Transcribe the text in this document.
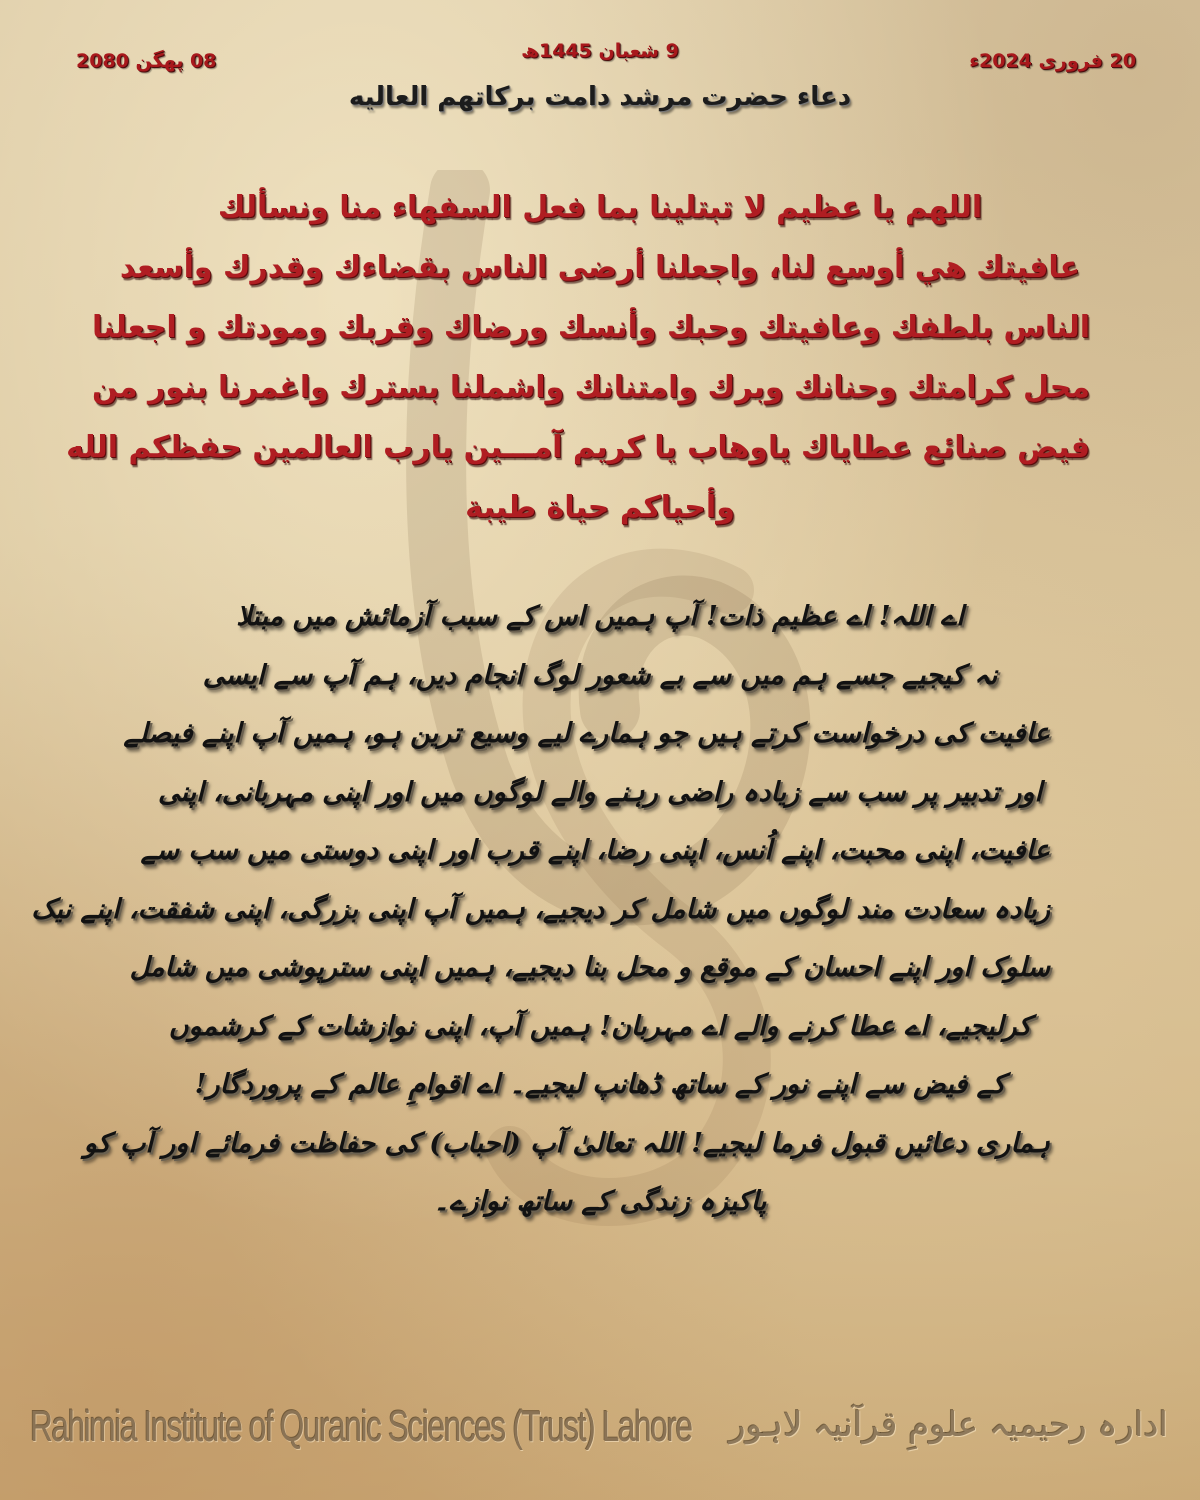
9 شعبان 1445ھ	20 فروری 2024ء
08 پھگن 2080
دعاء حضرت مرشد دامت برکاتهم العالیه
اللهم يا عظيم لا تبتلينا بما فعل السفهاء منا ونسألك
عافيتك هي أوسع لنا، واجعلنا أرضى الناس بقضاءك وقدرك وأسعد
الناس بلطفك وعافيتك وحبك وأنسك ورضاك وقربك ومودتك و اجعلنا
محل كرامتك وحنانك وبرك وامتنانك واشملنا بسترك واغمرنا بنور من
فيض صنائع عطاياك ياوهاب يا كريم آمـــين يارب العالمين حفظكم الله
وأحياكم حياة طيبة
اے اللہ! اے عظیم ذات! آپ ہمیں اس کے سبب آزمائش میں مبتلا
نہ کیجیے جسے ہم میں سے بے شعور لوگ انجام دیں، ہم آپ سے ایسی
عافیت کی درخواست کرتے ہیں جو ہمارے لیے وسیع ترین ہو، ہمیں آپ اپنے فیصلے
اور تدبیر پر سب سے زیادہ راضی رہنے والے لوگوں میں اور اپنی مہربانی، اپنی
عافیت، اپنی محبت، اپنے اُنس، اپنی رضا، اپنے قرب اور اپنی دوستی میں سب سے
زیادہ سعادت مند لوگوں میں شامل کر دیجیے، ہمیں آپ اپنی بزرگی، اپنی شفقت، اپنے نیک
سلوک اور اپنے احسان کے موقع و محل بنا دیجیے، ہمیں اپنی سترپوشی میں شامل
کرلیجیے، اے عطا کرنے والے اے مہربان! ہمیں آپ، اپنی نوازشات کے کرشموں
کے فیض سے اپنے نور کے ساتھ ڈھانپ لیجیے۔ اے اقوامِ عالم کے پروردگار!
ہماری دعائیں قبول فرما لیجیے! اللہ تعالیٰ آپ (احباب) کی حفاظت فرمائے اور آپ کو
پاکیزہ زندگی کے ساتھ نوازے۔
Rahimia Institute of Quranic Sciences (Trust) Lahore ادارہ رحیمیہ علومِ قرآنیہ لاہور
